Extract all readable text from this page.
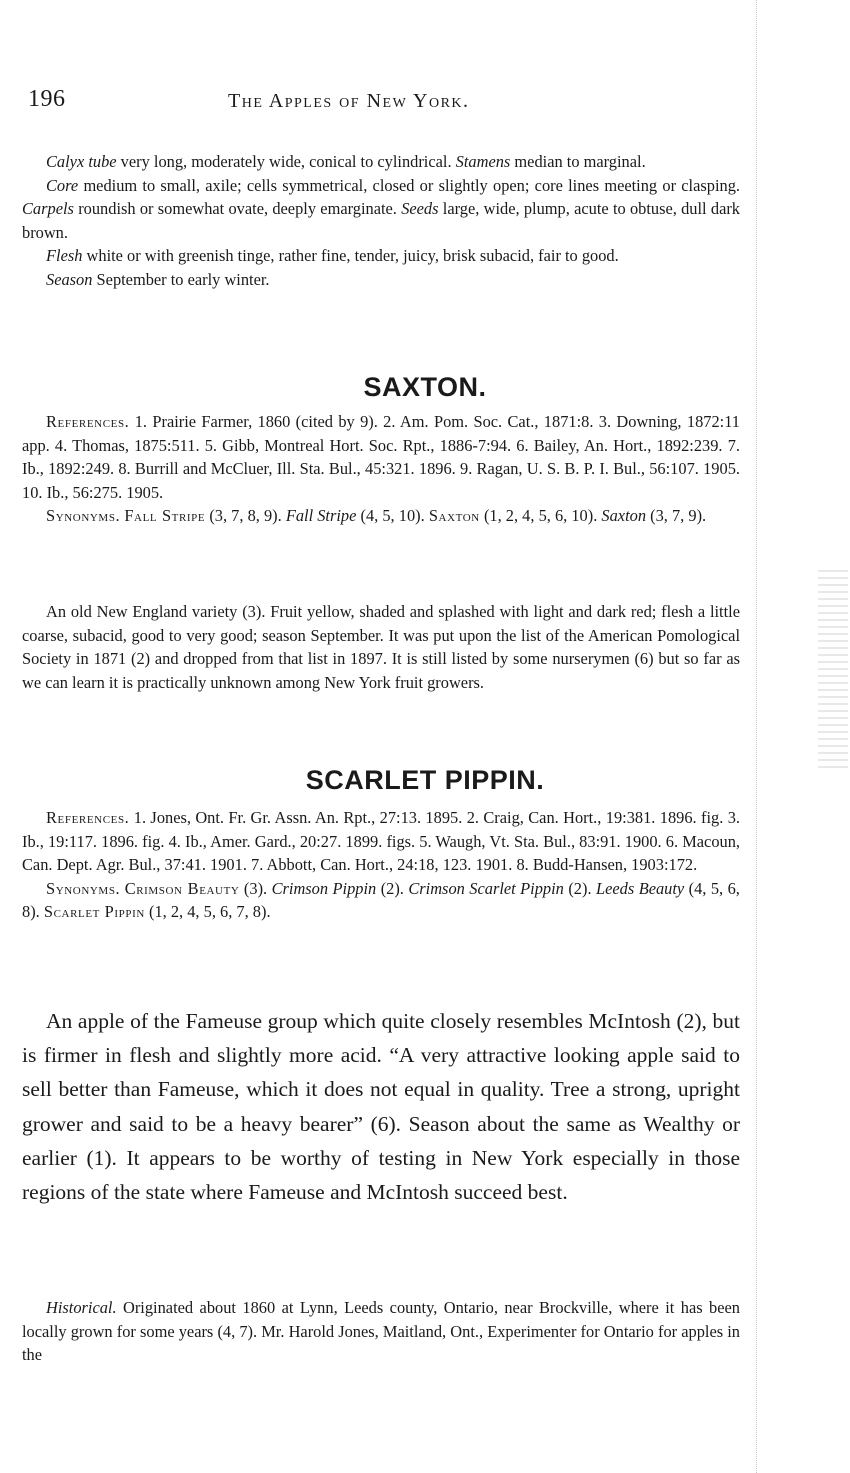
196	The Apples of New York.

Calyx tube very long, moderately wide, conical to cylindrical. Stamens median to marginal.

Core medium to small, axile; cells symmetrical, closed or slightly open; core lines meeting or clasping. Carpels roundish or somewhat ovate, deeply emarginate. Seeds large, wide, plump, acute to obtuse, dull dark brown.

Flesh white or with greenish tinge, rather fine, tender, juicy, brisk subacid, fair to good.

Season September to early winter.

SAXTON.

References. 1. Prairie Farmer, 1860 (cited by 9). 2. Am. Pom. Soc. Cat., 1871:8. 3. Downing, 1872:11 app. 4. Thomas, 1875:511. 5. Gibb, Montreal Hort. Soc. Rpt., 1886-7:94. 6. Bailey, An. Hort., 1892:239. 7. Ib., 1892:249. 8. Burrill and McCluer, Ill. Sta. Bul., 45:321. 1896. 9. Ragan, U. S. B. P. I. Bul., 56:107. 1905. 10. Ib., 56:275. 1905.

Synonyms. Fall Stripe (3, 7, 8, 9). Fall Stripe (4, 5, 10). Saxton (1, 2, 4, 5, 6, 10). Saxton (3, 7, 9).

An old New England variety (3). Fruit yellow, shaded and splashed with light and dark red; flesh a little coarse, subacid, good to very good; season September. It was put upon the list of the American Pomological Society in 1871 (2) and dropped from that list in 1897. It is still listed by some nurserymen (6) but so far as we can learn it is practically unknown among New York fruit growers.

SCARLET PIPPIN.

References. 1. Jones, Ont. Fr. Gr. Assn. An. Rpt., 27:13. 1895. 2. Craig, Can. Hort., 19:381. 1896. fig. 3. Ib., 19:117. 1896. fig. 4. Ib., Amer. Gard., 20:27. 1899. figs. 5. Waugh, Vt. Sta. Bul., 83:91. 1900. 6. Macoun, Can. Dept. Agr. Bul., 37:41. 1901. 7. Abbott, Can. Hort., 24:18, 123. 1901. 8. Budd-Hansen, 1903:172.

Synonyms. Crimson Beauty (3). Crimson Pippin (2). Crimson Scarlet Pippin (2). Leeds Beauty (4, 5, 6, 8). Scarlet Pippin (1, 2, 4, 5, 6, 7, 8).

An apple of the Fameuse group which quite closely resembles McIntosh (2), but is firmer in flesh and slightly more acid. “A very attractive looking apple said to sell better than Fameuse, which it does not equal in quality. Tree a strong, upright grower and said to be a heavy bearer” (6). Season about the same as Wealthy or earlier (1). It appears to be worthy of testing in New York especially in those regions of the state where Fameuse and McIntosh succeed best.

Historical. Originated about 1860 at Lynn, Leeds county, Ontario, near Brockville, where it has been locally grown for some years (4, 7). Mr. Harold Jones, Maitland, Ont., Experimenter for Ontario for apples in the
